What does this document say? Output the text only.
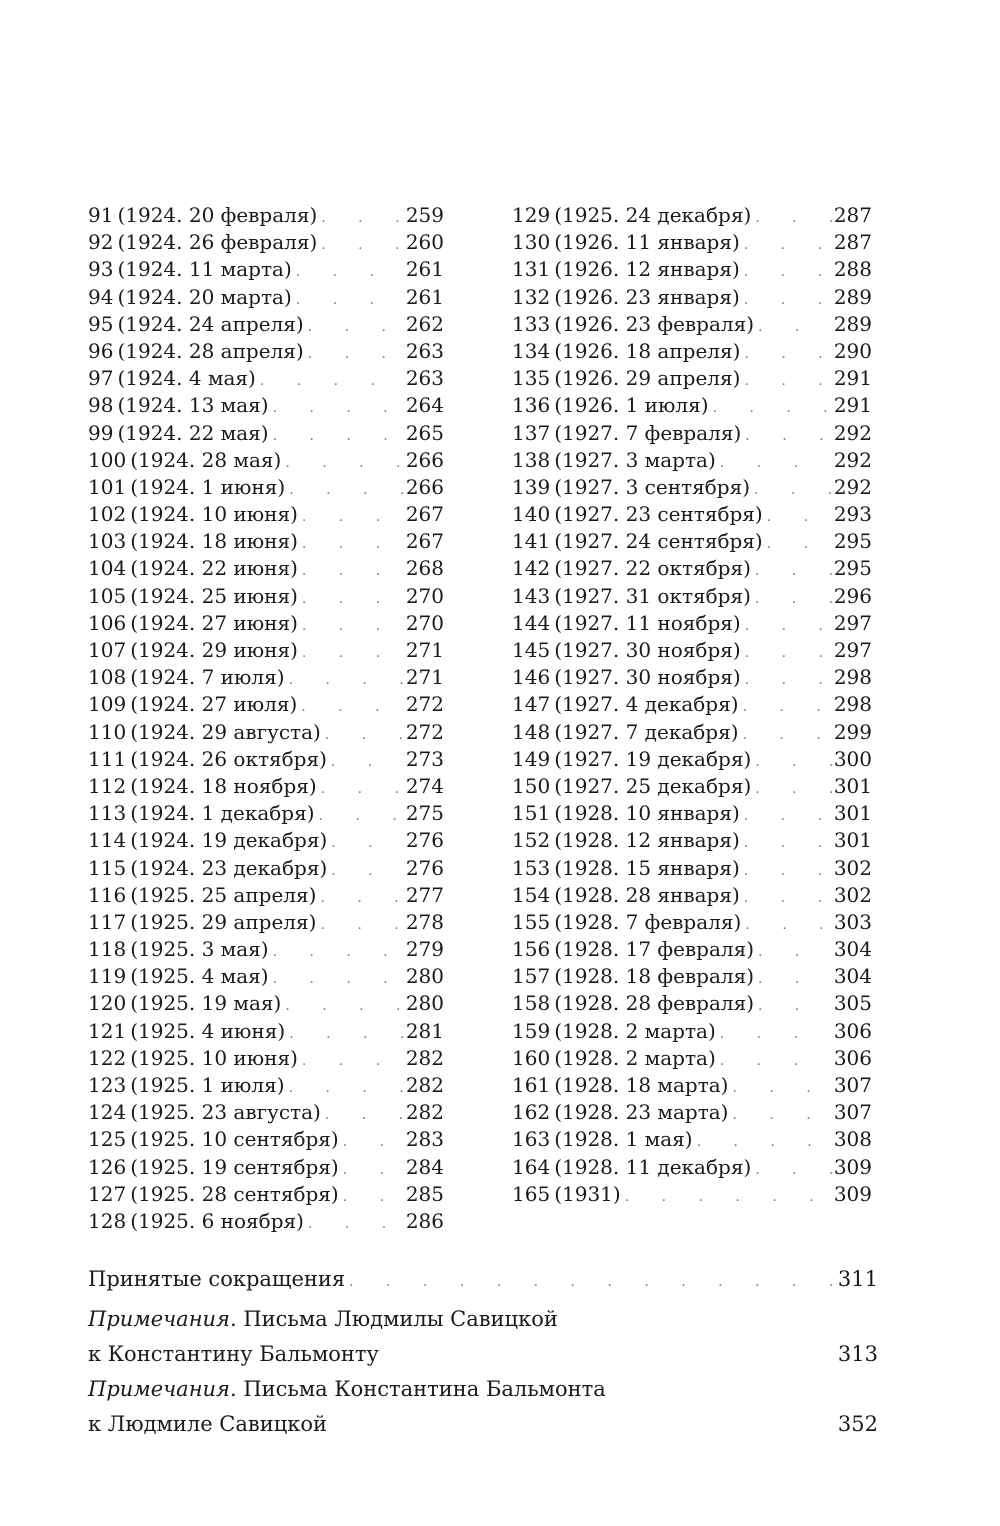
91 (1924. 20 февраля) . . .	259
92 (1924. 26 февраля) . . .	260
93 (1924. 11 марта) . . .	261
94 (1924. 20 марта) . . .	261
95 (1924. 24 апреля) . . .	262
96 (1924. 28 апреля) . . .	263
97 (1924. 4 мая) . . .	263
98 (1924. 13 мая) . . .	264
99 (1924. 22 мая) . . .	265
100 (1924. 28 мая) . . .	266
101 (1924. 1 июня) . . .	266
102 (1924. 10 июня) . . .	267
103 (1924. 18 июня) . . .	267
104 (1924. 22 июня) . . .	268
105 (1924. 25 июня) . . .	270
106 (1924. 27 июня) . . .	270
107 (1924. 29 июня) . . .	271
108 (1924. 7 июля) . . .	271
109 (1924. 27 июля) . . .	272
110 (1924. 29 августа) . . .	272
111 (1924. 26 октября) . . .	273
112 (1924. 18 ноября) . . .	274
113 (1924. 1 декабря) . . .	275
114 (1924. 19 декабря) . . .	276
115 (1924. 23 декабря) . . .	276
116 (1925. 25 апреля) . . .	277
117 (1925. 29 апреля) . . .	278
118 (1925. 3 мая) . . .	279
119 (1925. 4 мая) . . .	280
120 (1925. 19 мая) . . .	280
121 (1925. 4 июня) . . .	281
122 (1925. 10 июня) . . .	282
123 (1925. 1 июля) . . .	282
124 (1925. 23 августа) . . .	282
125 (1925. 10 сентября) . . .	283
126 (1925. 19 сентября) . . .	284
127 (1925. 28 сентября) . . .	285
128 (1925. 6 ноября) . . .	286
129 (1925. 24 декабря) . . .	287
130 (1926. 11 января) . . .	287
131 (1926. 12 января) . . .	288
132 (1926. 23 января) . . .	289
133 (1926. 23 февраля) . . .	289
134 (1926. 18 апреля) . . .	290
135 (1926. 29 апреля) . . .	291
136 (1926. 1 июля) . . .	291
137 (1927. 7 февраля) . . .	292
138 (1927. 3 марта) . . .	292
139 (1927. 3 сентября) . . .	292
140 (1927. 23 сентября) . . .	293
141 (1927. 24 сентября) . . .	295
142 (1927. 22 октября) . . .	295
143 (1927. 31 октября) . . .	296
144 (1927. 11 ноября) . . .	297
145 (1927. 30 ноября) . . .	297
146 (1927. 30 ноября) . . .	298
147 (1927. 4 декабря) . . .	298
148 (1927. 7 декабря) . . .	299
149 (1927. 19 декабря) . . .	300
150 (1927. 25 декабря) . . .	301
151 (1928. 10 января) . . .	301
152 (1928. 12 января) . . .	301
153 (1928. 15 января) . . .	302
154 (1928. 28 января) . . .	302
155 (1928. 7 февраля) . . .	303
156 (1928. 17 февраля) . . .	304
157 (1928. 18 февраля) . . .	304
158 (1928. 28 февраля) . . .	305
159 (1928. 2 марта) . . .	306
160 (1928. 2 марта) . . .	306
161 (1928. 18 марта) . . .	307
162 (1928. 23 марта) . . .	307
163 (1928. 1 мая) . . .	308
164 (1928. 11 декабря) . . .	309
165 (1931) . . .	309
Принятые сокращения . . .	311
Примечания . Письма Людмилы Савицкой
к Константину Бальмонту	313
Примечания . Письма Константина Бальмонта
к Людмиле Савицкой	352
